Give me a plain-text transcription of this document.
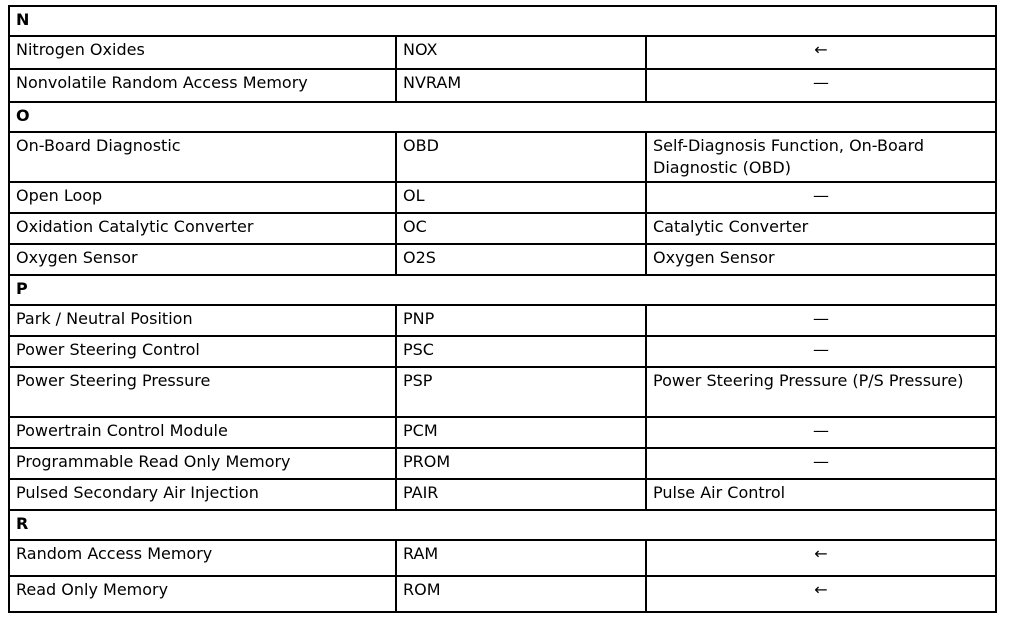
N		
Nitrogen Oxides	NOX	←
Nonvolatile Random Access Memory	NVRAM	—
O		
On-Board Diagnostic	OBD	Self-Diagnosis Function, On-Board Diagnostic (OBD)
Open Loop	OL	—
Oxidation Catalytic Converter	OC	Catalytic Converter
Oxygen Sensor	O2S	Oxygen Sensor
P		
Park / Neutral Position	PNP	—
Power Steering Control	PSC	—
Power Steering Pressure	PSP	Power Steering Pressure (P/S Pressure)
Powertrain Control Module	PCM	—
Programmable Read Only Memory	PROM	—
Pulsed Secondary Air Injection	PAIR	Pulse Air Control
R		
Random Access Memory	RAM	←
Read Only Memory	ROM	←
